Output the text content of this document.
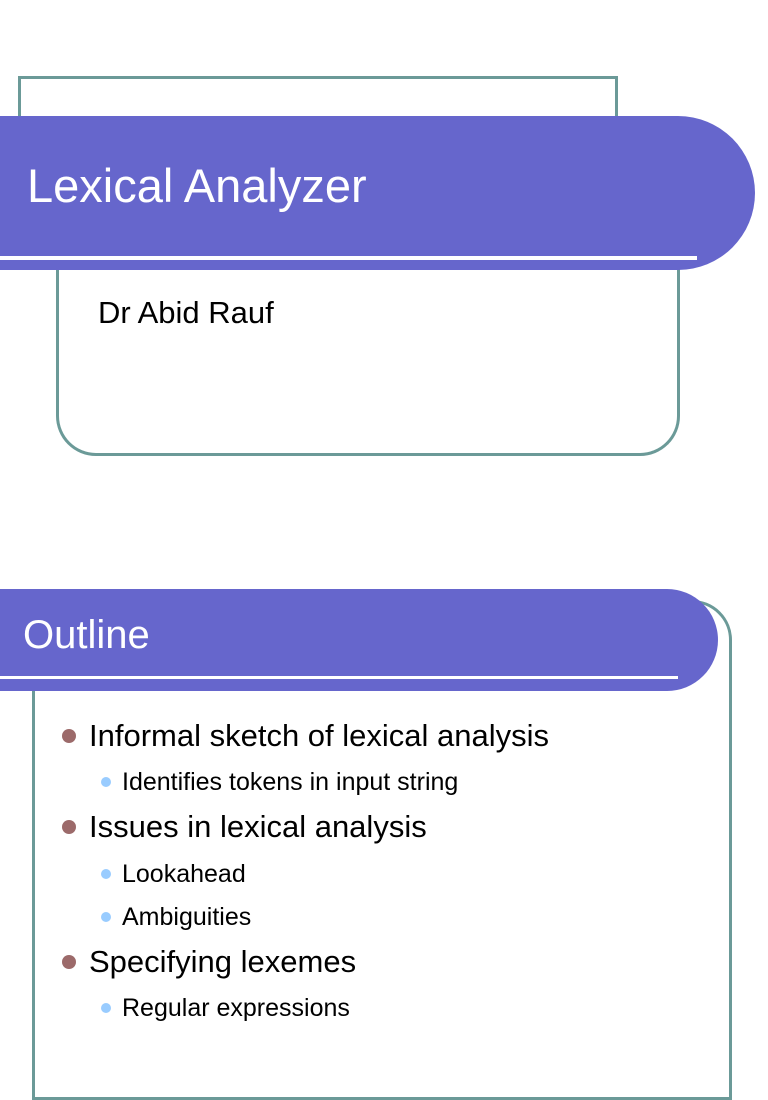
Lexical Analyzer
Dr Abid Rauf
Outline
Informal sketch of lexical analysis
Identifies tokens in input string
Issues in lexical analysis
Lookahead
Ambiguities
Specifying lexemes
Regular expressions
